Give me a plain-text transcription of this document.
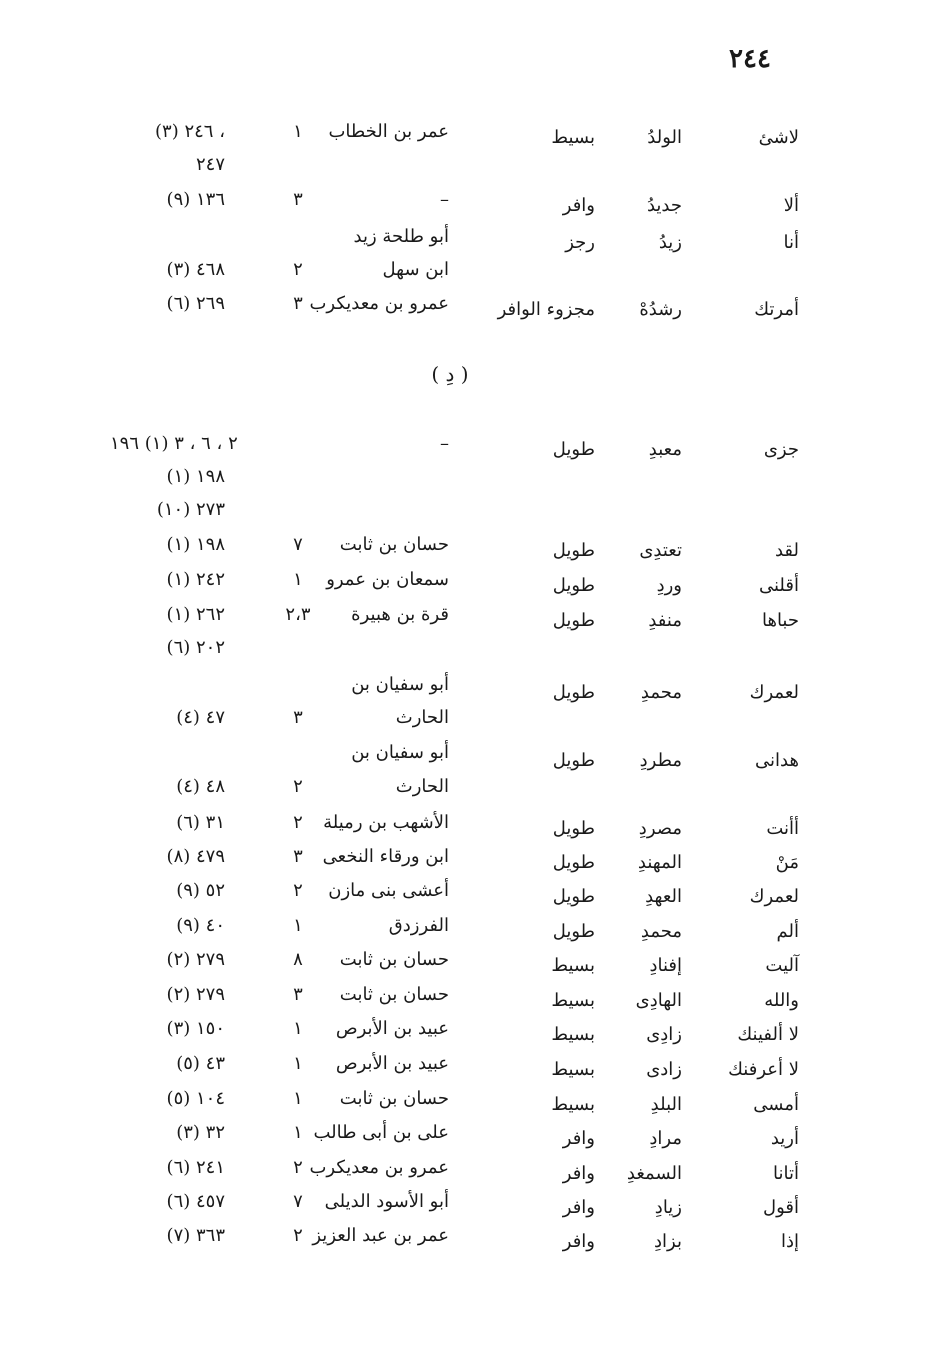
٢٤٤
لاشئ
الولدُ
بسيط
عمر بن الخطاب
١
(٣) ٢٤٦ ،
٢٤٧
ألا
جديدُ
وافر
–
٣
(٩) ١٣٦
أنا
زيدُ
رجز
أبو طلحة زيد
ابن سهل
٢
(٣) ٤٦٨
أمرتك
رشدُهْ
مجزوء الوافر
عمرو بن معديكرب
٣
(٦) ٢٦٩
( دِ )
جزى
معبدِ
طويل
–
٢ ، ٦ ، ٣ (١) ١٩٦
(١) ١٩٨
(١٠) ٢٧٣
لقد
تعتدِى
طويل
حسان بن ثابت
٧
(١) ١٩٨
أقلنى
وردِ
طويل
سمعان بن عمرو
١
(١) ٢٤٢
حباها
منفدِ
طويل
قرة بن هبيرة
٢،٣
(١) ٢٦٢
(٦) ٢٠٢
أبو سفيان بن	لعمرك
محمدِ
طويل
الحارث
٣
(٤) ٤٧
أبو سفيان بن	هدانى
مطردِ
طويل
الحارث
٢
(٤) ٤٨
أأنت
مصردِ
طويل
الأشهب بن رميلة
٢
(٦) ٣١
مَنْ
المهندِ
طويل
ابن ورقاء النخعى
٣
(٨) ٤٧٩
لعمرك
العهدِ
طويل
أعشى بنى مازن
٢
(٩) ٥٢
ألم
محمدِ
طويل
الفرزدق
١
(٩) ٤٠
آليت
إفنادِ
بسيط
حسان بن ثابت
٨
(٢) ٢٧٩
والله
الهادِى
بسيط
حسان بن ثابت
٣
(٢) ٢٧٩
لا ألفينك
زادِى
بسيط
عبيد بن الأبرص
١
(٣) ١٥٠
لا أعرفنك
زادى
بسيط
عبيد بن الأبرص
١
(٥) ٤٣
أمسى
البلدِ
بسيط
حسان بن ثابت
١
(٥) ١٠٤
أريد
مرادِ
وافر
على بن أبى طالب
١
(٣) ٣٢
أتانا
السمغدِ
وافر
عمرو بن معديكرب
٢
(٦) ٢٤١
أقول
زيادِ
وافر
أبو الأسود الديلى
٧
(٦) ٤٥٧
إذا
بزادِ
وافر
عمر بن عبد العزيز
٢
(٧) ٣٦٣
